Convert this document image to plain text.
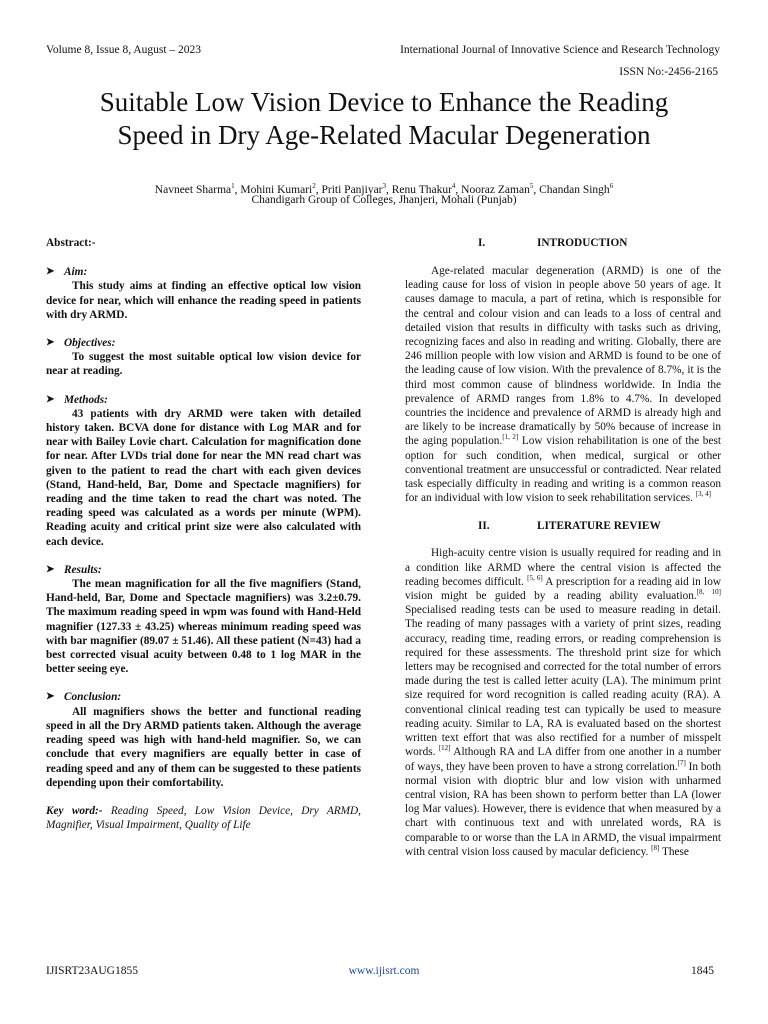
Volume 8, Issue 8, August – 2023	International Journal of Innovative Science and Research Technology
ISSN No:-2456-2165
Suitable Low Vision Device to Enhance the Reading
Speed in Dry Age-Related Macular Degeneration
Navneet Sharma$^1$, Mohini Kumari$^2$, Priti Panjiyar$^3$, Renu Thakur$^4$, Nooraz Zaman$^5$, Chandan Singh$^6$
Chandigarh Group of Colleges, Jhanjeri, Mohali (Punjab)

Abstract:-

➤ Aim:

This study aims at finding an effective optical low vision device for near, which will enhance the reading speed in patients with dry ARMD.

➤ Objectives:

To suggest the most suitable optical low vision device for near at reading.

➤ Methods:

43 patients with dry ARMD were taken with detailed history taken. BCVA done for distance with Log MAR and for near with Bailey Lovie chart. Calculation for magnification done for near. After LVDs trial done for near the MN read chart was given to the patient to read the chart with each given devices (Stand, Hand-held, Bar, Dome and Spectacle magnifiers) for reading and the time taken to read the chart was noted. The reading speed was calculated as a words per minute (WPM). Reading acuity and critical print size were also calculated with each device.

➤ Results:

The mean magnification for all the five magnifiers (Stand, Hand-held, Bar, Dome and Spectacle magnifiers) was 3.2±0.79. The maximum reading speed in wpm was found with Hand-Held magnifier (127.33 ± 43.25) whereas minimum reading speed was with bar magnifier (89.07 ± 51.46). All these patient (N=43) had a best corrected visual acuity between 0.48 to 1 log MAR in the better seeing eye.

➤ Conclusion:

All magnifiers shows the better and functional reading speed in all the Dry ARMD patients taken. Although the average reading speed was high with hand-held magnifier. So, we can conclude that every magnifiers are equally better in case of reading speed and any of them can be suggested to these patients depending upon their comfortability.

Key word:- Reading Speed, Low Vision Device, Dry ARMD, Magnifier, Visual Impairment, Quality of Life

I.	INTRODUCTION

Age-related macular degeneration (ARMD) is one of the leading cause for loss of vision in people above 50 years of age. It causes damage to macula, a part of retina, which is responsible for the central and colour vision and can leads to a loss of central and detailed vision that results in difficulty with tasks such as driving, recognizing faces and also in reading and writing. Globally, there are 246 million people with low vision and ARMD is found to be one of the leading cause of low vision. With the prevalence of 8.7%, it is the third most common cause of blindness worldwide. In India the prevalence of ARMD ranges from 1.8% to 4.7%. In developed countries the incidence and prevalence of ARMD is already high and are likely to be increase dramatically by 50% because of increase in the aging population.[1, 2] Low vision rehabilitation is one of the best option for such condition, when medical, surgical or other conventional treatment are unsuccessful or contradicted. Near related task especially difficulty in reading and writing is a common reason for an individual with low vision to seek rehabilitation services. [3, 4]

II.	LITERATURE REVIEW

High-acuity centre vision is usually required for reading and in a condition like ARMD where the central vision is affected the reading becomes difficult. [5, 6] A prescription for a reading aid in low vision might be guided by a reading ability evaluation.[8, 10] Specialised reading tests can be used to measure reading in detail. The reading of many passages with a variety of print sizes, reading accuracy, reading time, reading errors, or reading comprehension is required for these assessments. The threshold print size for which letters may be recognised and corrected for the total number of errors made during the test is called letter acuity (LA). The minimum print size required for word recognition is called reading acuity (RA). A conventional clinical reading test can typically be used to measure reading acuity. Similar to LA, RA is evaluated based on the shortest written text effort that was also rectified for a number of misspelt words. [12] Although RA and LA differ from one another in a number of ways, they have been proven to have a strong correlation.[7] In both normal vision with dioptric blur and low vision with unharmed central vision, RA has been shown to perform better than LA (lower log Mar values). However, there is evidence that when measured by a chart with continuous text and with unrelated words, RA is comparable to or worse than the LA in ARMD, the visual impairment with central vision loss caused by macular deficiency. [8] These

IJISRT23AUG1855	www.ijisrt.com	1845
